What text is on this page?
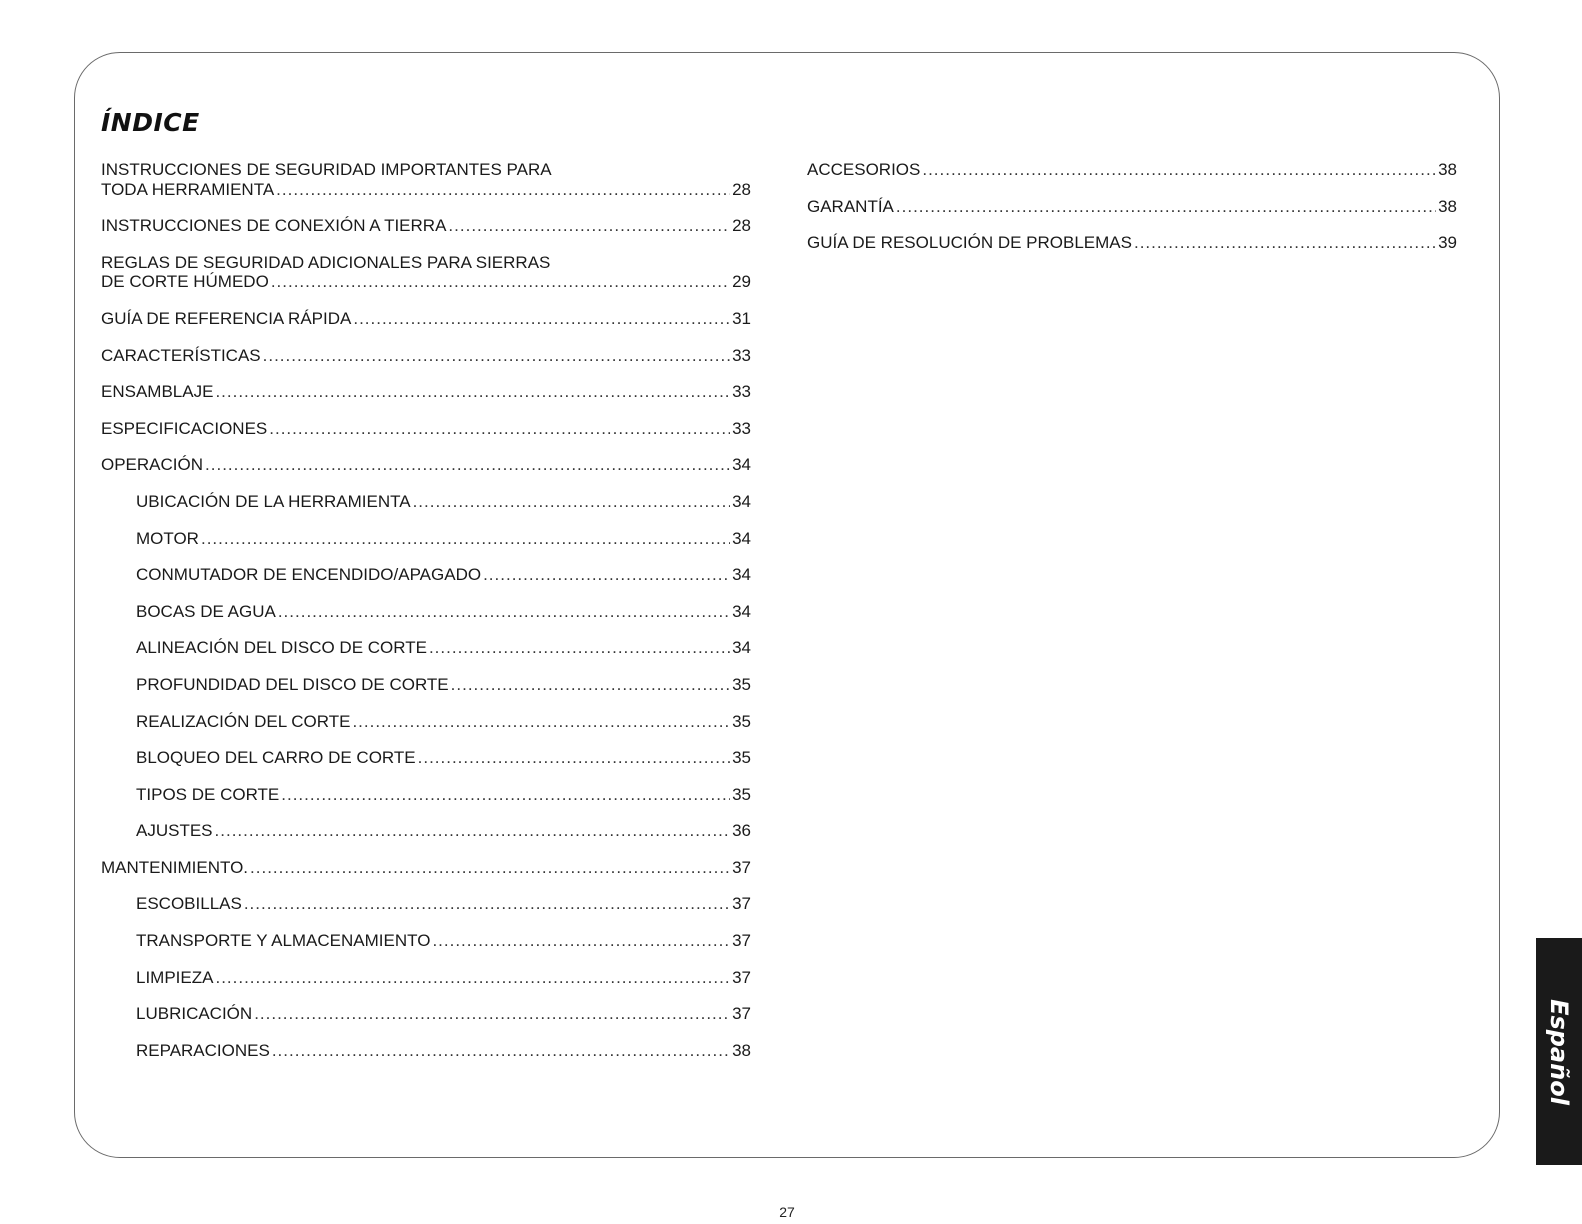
ÍNDICE
INSTRUCCIONES DE SEGURIDAD IMPORTANTES PARA
TODA HERRAMIENTA .....	28
INSTRUCCIONES DE CONEXIÓN A TIERRA .....	28
REGLAS DE SEGURIDAD ADICIONALES PARA SIERRAS
DE CORTE HÚMEDO .....	29
GUÍA DE REFERENCIA RÁPIDA .....	31
CARACTERÍSTICAS .....	33
ENSAMBLAJE .....	33
ESPECIFICACIONES .....	33
OPERACIÓN .....	34
UBICACIÓN DE LA HERRAMIENTA .....	34
MOTOR .....	34
CONMUTADOR DE ENCENDIDO/APAGADO .....	34
BOCAS DE AGUA .....	34
ALINEACIÓN DEL DISCO DE CORTE .....	34
PROFUNDIDAD DEL DISCO DE CORTE .....	35
REALIZACIÓN DEL CORTE .....	35
BLOQUEO DEL CARRO DE CORTE .....	35
TIPOS DE CORTE .....	35
AJUSTES .....	36
MANTENIMIENTO. .....	37
ESCOBILLAS .....	37
TRANSPORTE Y ALMACENAMIENTO .....	37
LIMPIEZA .....	37
LUBRICACIÓN .....	37
REPARACIONES .....	38
ACCESORIOS .....	38
GARANTÍA .....	38
GUÍA DE RESOLUCIÓN DE PROBLEMAS .....	39
Español
27
